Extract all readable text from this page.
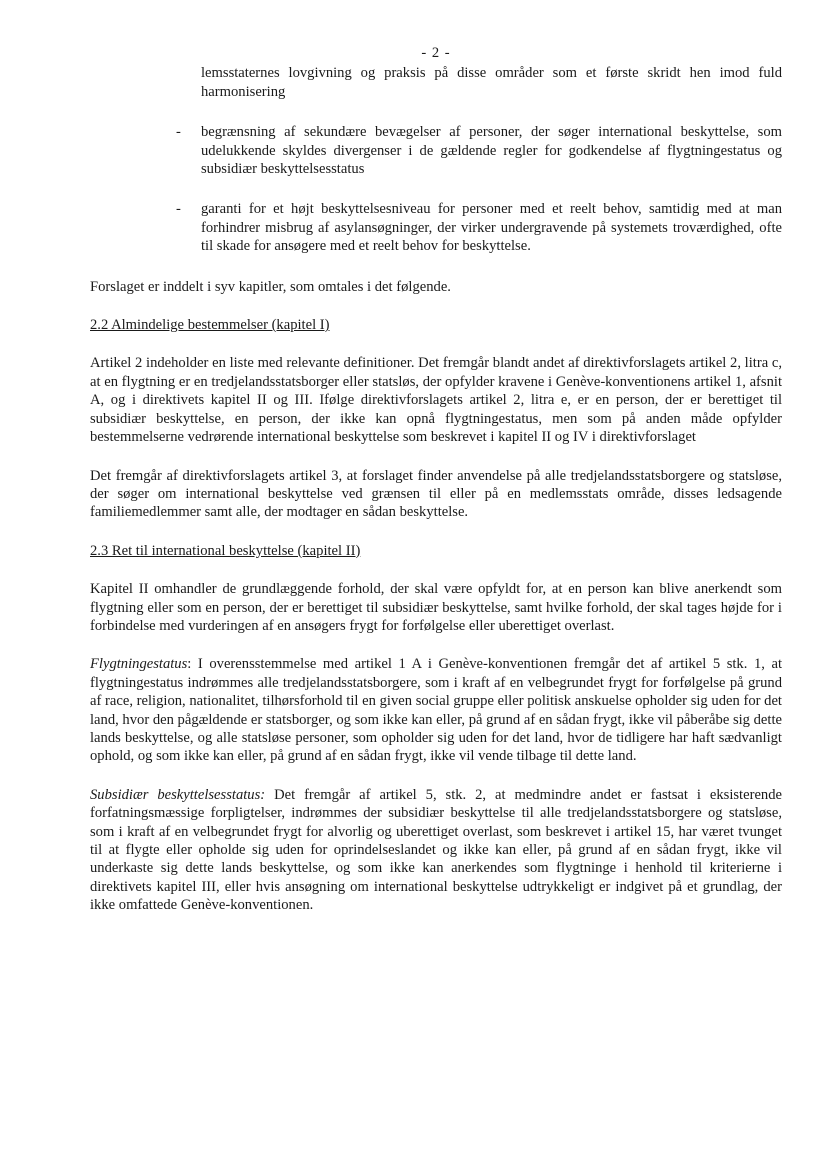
- 2 -

lemsstaternes lovgivning og praksis på disse områder som et første skridt hen imod fuld harmonisering

- begrænsning af sekundære bevægelser af personer, der søger international beskyttelse, som udelukkende skyldes divergenser i de gældende regler for godkendelse af flygtningestatus og subsidiær beskyttelsesstatus
- garanti for et højt beskyttelsesniveau for personer med et reelt behov, samtidig med at man forhindrer misbrug af asylansøgninger, der virker undergravende på systemets troværdighed, ofte til skade for ansøgere med et reelt behov for beskyttelse.

Forslaget er inddelt i syv kapitler, som omtales i det følgende.

2.2 Almindelige bestemmelser (kapitel I)

Artikel 2 indeholder en liste med relevante definitioner. Det fremgår blandt andet af direktivforslagets artikel 2, litra c, at en flygtning er en tredjelandsstatsborger eller statsløs, der opfylder kravene i Genève-konventionens artikel 1, afsnit A, og i direktivets kapitel II og III. Ifølge direktivforslagets artikel 2, litra e, er en person, der er berettiget til subsidiær beskyttelse, en person, der ikke kan opnå flygtningestatus, men som på anden måde opfylder bestemmelserne vedrørende international beskyttelse som beskrevet i kapitel II og IV i direktivforslaget

Det fremgår af direktivforslagets artikel 3, at forslaget finder anvendelse på alle tredjelandsstatsborgere og statsløse, der søger om international beskyttelse ved grænsen til eller på en medlemsstats område, disses ledsagende familiemedlemmer samt alle, der modtager en sådan beskyttelse.

2.3 Ret til international beskyttelse (kapitel II)

Kapitel II omhandler de grundlæggende forhold, der skal være opfyldt for, at en person kan blive anerkendt som flygtning eller som en person, der er berettiget til subsidiær beskyttelse, samt hvilke forhold, der skal tages højde for i forbindelse med vurderingen af en ansøgers frygt for forfølgelse eller uberettiget overlast.

Flygtningestatus: I overensstemmelse med artikel 1 A i Genève-konventionen fremgår det af artikel 5 stk. 1, at flygtningestatus indrømmes alle tredjelandsstatsborgere, som i kraft af en velbegrundet frygt for forfølgelse på grund af race, religion, nationalitet, tilhørsforhold til en given social gruppe eller politisk anskuelse opholder sig uden for det land, hvor den pågældende er statsborger, og som ikke kan eller, på grund af en sådan frygt, ikke vil påberåbe sig dette lands beskyttelse, og alle statsløse personer, som opholder sig uden for det land, hvor de tidligere har haft sædvanligt ophold, og som ikke kan eller, på grund af en sådan frygt, ikke vil vende tilbage til dette land.

Subsidiær beskyttelsesstatus: Det fremgår af artikel 5, stk. 2, at medmindre andet er fastsat i eksisterende forfatningsmæssige forpligtelser, indrømmes der subsidiær beskyttelse til alle tredjelandsstatsborgere og statsløse, som i kraft af en velbegrundet frygt for alvorlig og uberettiget overlast, som beskrevet i artikel 15, har været tvunget til at flygte eller opholde sig uden for oprindelseslandet og ikke kan eller, på grund af en sådan frygt, ikke vil underkaste sig dette lands beskyttelse, og som ikke kan anerkendes som flygtninge i henhold til kriterierne i direktivets kapitel III, eller hvis ansøgning om international beskyttelse udtrykkeligt er indgivet på et grundlag, der ikke omfattede Genève-konventionen.
